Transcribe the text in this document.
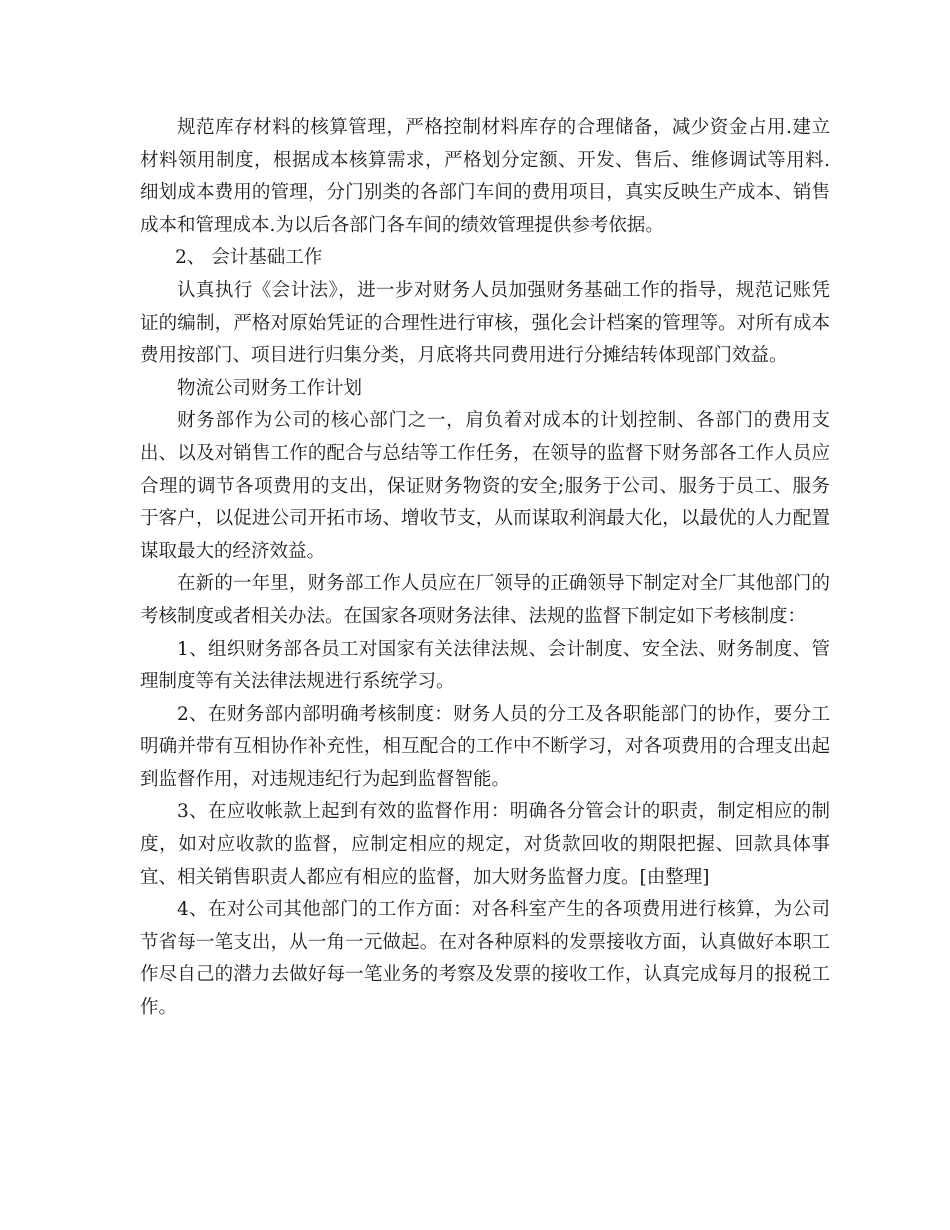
规范库存材料的核算管理，严格控制材料库存的合理储备，减少资金占用.建立材料领用制度，根据成本核算需求，严格划分定额、开发、售后、维修调试等用料. 细划成本费用的管理，分门别类的各部门车间的费用项目，真实反映生产成本、销售成本和管理成本.为以后各部门各车间的绩效管理提供参考依据。

2、 会计基础工作

认真执行《会计法》，进一步对财务人员加强财务基础工作的指导，规范记账凭证的编制，严格对原始凭证的合理性进行审核，强化会计档案的管理等。对所有成本费用按部门、项目进行归集分类，月底将共同费用进行分摊结转体现部门效益。

物流公司财务工作计划

财务部作为公司的核心部门之一，肩负着对成本的计划控制、各部门的费用支出、以及对销售工作的配合与总结等工作任务，在领导的监督下财务部各工作人员应合理的调节各项费用的支出，保证财务物资的安全;服务于公司、服务于员工、服务于客户，以促进公司开拓市场、增收节支，从而谋取利润最大化，以最优的人力配置谋取最大的经济效益。

在新的一年里，财务部工作人员应在厂领导的正确领导下制定对全厂其他部门的考核制度或者相关办法。在国家各项财务法律、法规的监督下制定如下考核制度：

1、组织财务部各员工对国家有关法律法规、会计制度、安全法、财务制度、管理制度等有关法律法规进行系统学习。

2、在财务部内部明确考核制度：财务人员的分工及各职能部门的协作，要分工明确并带有互相协作补充性，相互配合的工作中不断学习，对各项费用的合理支出起到监督作用，对违规违纪行为起到监督智能。

3、在应收帐款上起到有效的监督作用：明确各分管会计的职责，制定相应的制度，如对应收款的监督，应制定相应的规定，对货款回收的期限把握、回款具体事宜、相关销售职责人都应有相应的监督，加大财务监督力度。[由整理]

4、在对公司其他部门的工作方面：对各科室产生的各项费用进行核算，为公司节省每一笔支出，从一角一元做起。在对各种原料的发票接收方面，认真做好本职工作尽自己的潜力去做好每一笔业务的考察及发票的接收工作，认真完成每月的报税工作。
